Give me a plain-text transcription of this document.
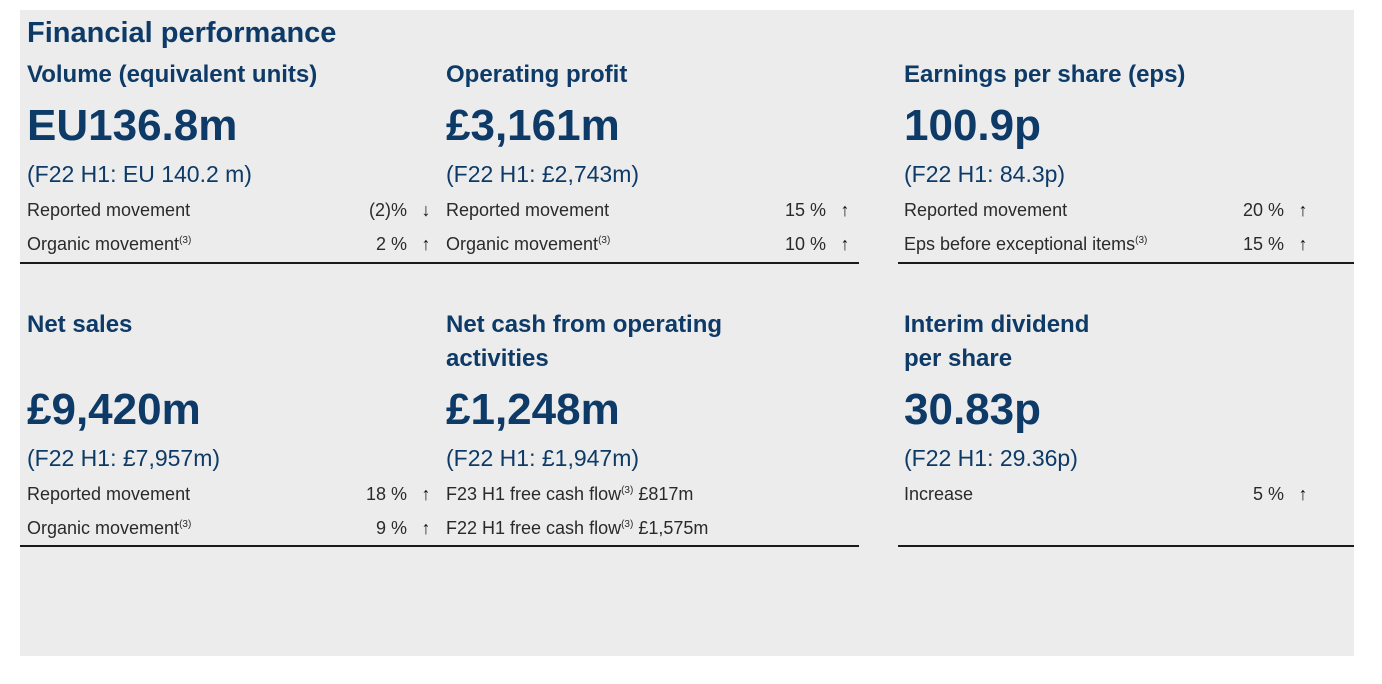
Financial performance
Volume (equivalent units)
EU136.8m
(F22 H1: EU 140.2 m)
Reported movement	(2)% ↓
Organic movement$^{(3)}$	2 % ↑
Operating profit
£3,161m
(F22 H1: £2,743m)
Reported movement	15 % ↑
Organic movement$^{(3)}$	10 % ↑
Earnings per share (eps)
100.9p
(F22 H1: 84.3p)
Reported movement	20 % ↑
Eps before exceptional items$^{(3)}$	15 % ↑
Net sales
£9,420m
(F22 H1: £7,957m)
Reported movement	18 % ↑
Organic movement$^{(3)}$	9 % ↑
Net cash from operating
activities
£1,248m
(F22 H1: £1,947m)
F23 H1 free cash flow$^{(3)}$ £817m
F22 H1 free cash flow$^{(3)}$ £1,575m
Interim dividend
per share
30.83p
(F22 H1: 29.36p)
Increase	5 % ↑
